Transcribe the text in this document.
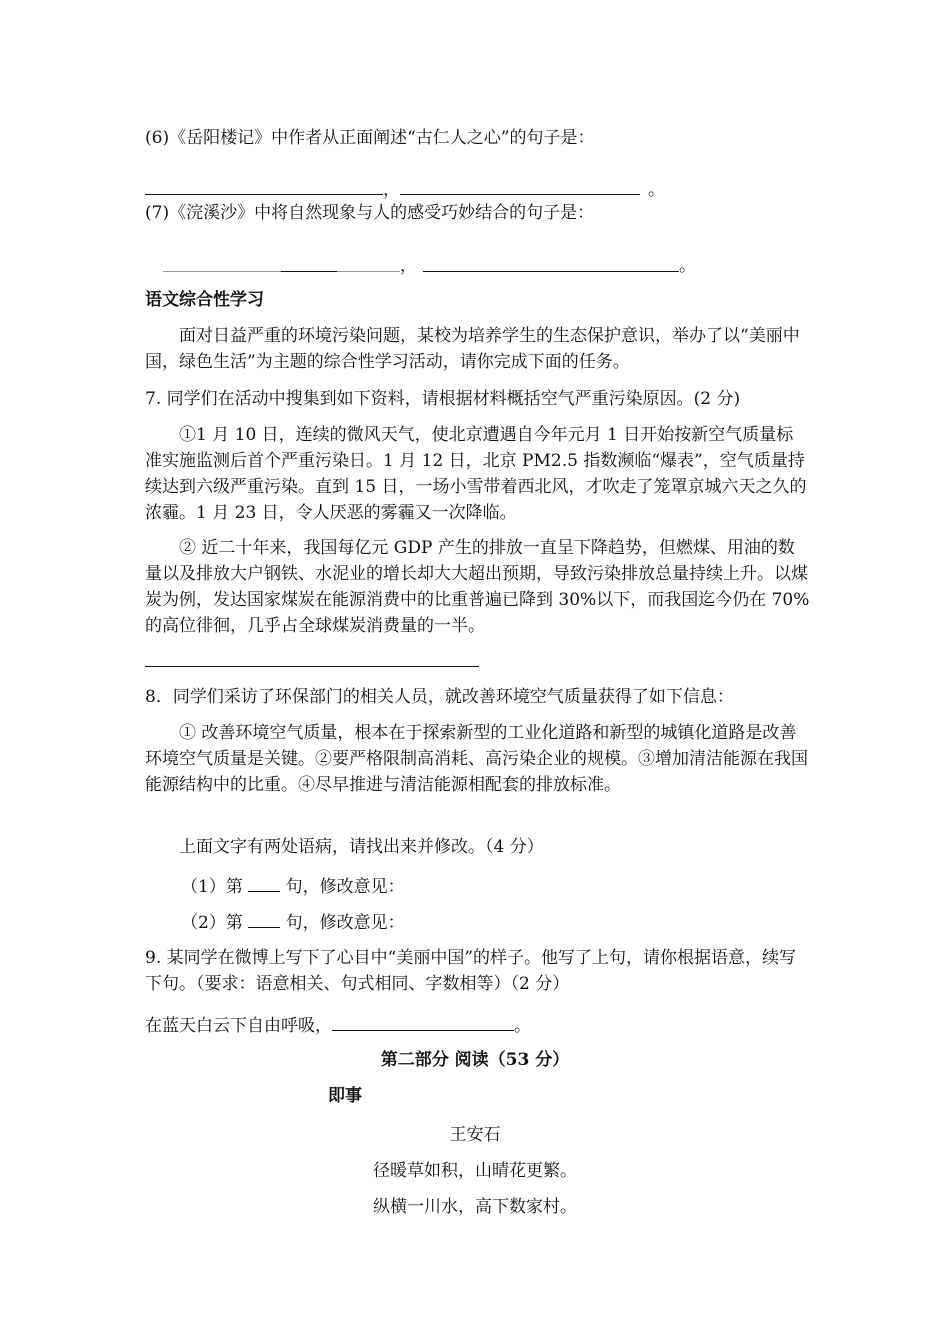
(6)《岳阳楼记》中作者从正面阐述“古仁人之心”的句子是：
，	。
(7)《浣溪沙》中将自然现象与人的感受巧妙结合的句子是：
，	。
语文综合性学习

面对日益严重的环境污染问题，某校为培养学生的生态保护意识，举办了以“美丽中国，绿色生活”为主题的综合性学习活动，请你完成下面的任务。

7. 同学们在活动中搜集到如下资料，请根据材料概括空气严重污染原因。(2 分)

①1 月 10 日，连续的微风天气，使北京遭遇自今年元月 1 日开始按新空气质量标准实施监测后首个严重污染日。1 月 12 日，北京 PM2.5 指数濒临“爆表”，空气质量持续达到六级严重污染。直到 15 日，一场小雪带着西北风，才吹走了笼罩京城六天之久的浓霾。1 月 23 日，令人厌恶的雾霾又一次降临。

② 近二十年来，我国每亿元 GDP 产生的排放一直呈下降趋势，但燃煤、用油的数量以及排放大户钢铁、水泥业的增长却大大超出预期，导致污染排放总量持续上升。以煤炭为例，发达国家煤炭在能源消费中的比重普遍已降到 30%以下，而我国迄今仍在 70%的高位徘徊，几乎占全球煤炭消费量的一半。

8．同学们采访了环保部门的相关人员，就改善环境空气质量获得了如下信息：

① 改善环境空气质量，根本在于探索新型的工业化道路和新型的城镇化道路是改善环境空气质量是关键。②要严格限制高消耗、高污染企业的规模。③增加清洁能源在我国能源结构中的比重。④尽早推进与清洁能源相配套的排放标准。

上面文字有两处语病，请找出来并修改。（4 分）
（1）第	句，修改意见：
（2）第	句，修改意见：

9. 某同学在微博上写下了心目中“美丽中国”的样子。他写了上句，请你根据语意，续写下句。（要求：语意相关、句式相同、字数相等）（2 分）

在蓝天白云下自由呼吸，	。
第二部分 阅读（53 分）
即事
王安石
径暖草如积，山晴花更繁。
纵横一川水，高下数家村。
